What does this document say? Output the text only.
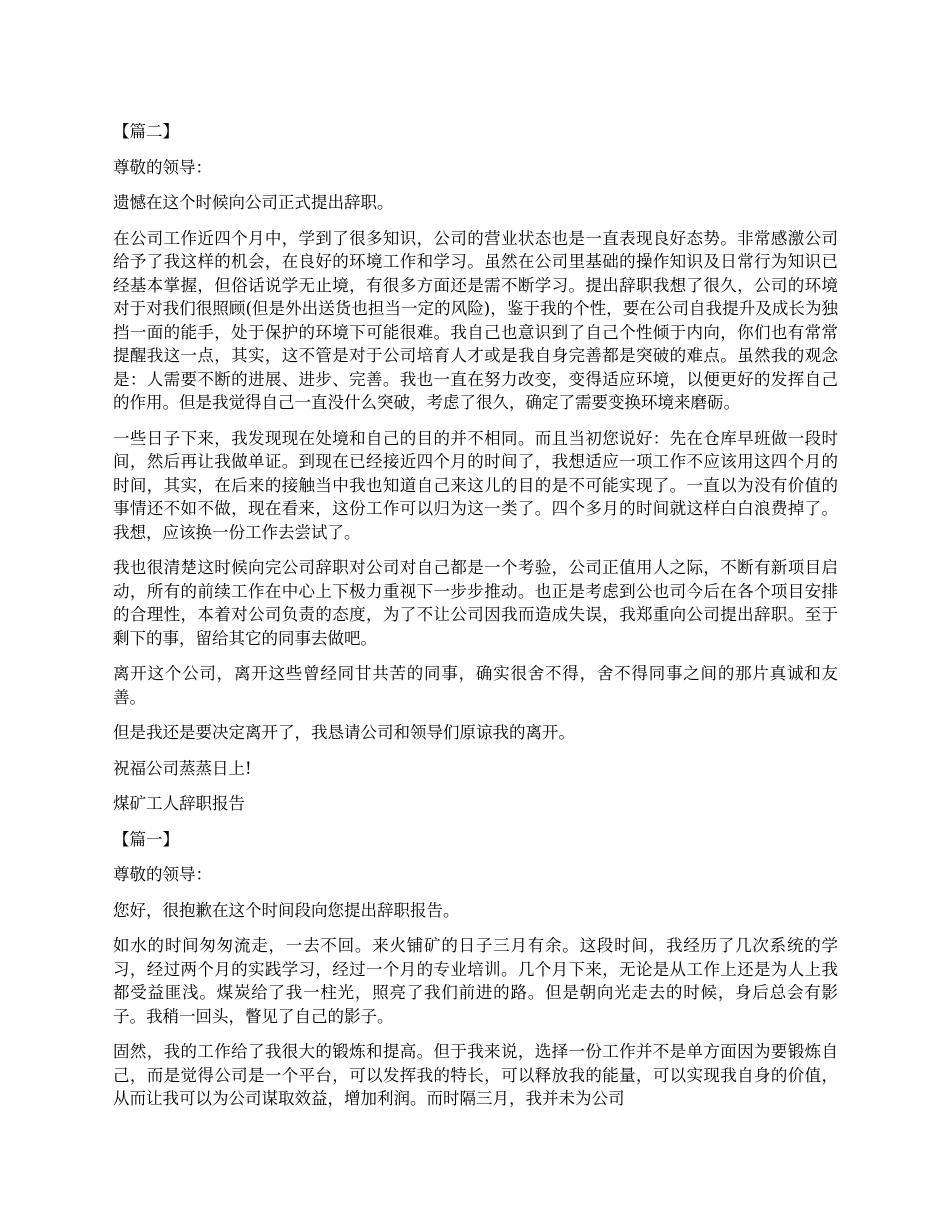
【篇二】

尊敬的领导：

遗憾在这个时候向公司正式提出辞职。

在公司工作近四个月中，学到了很多知识，公司的营业状态也是一直表现良好态势。非常感激公司给予了我这样的机会，在良好的环境工作和学习。虽然在公司里基础的操作知识及日常行为知识已经基本掌握，但俗话说学无止境，有很多方面还是需不断学习。提出辞职我想了很久，公司的环境对于对我们很照顾(但是外出送货也担当一定的风险)，鉴于我的个性，要在公司自我提升及成长为独挡一面的能手，处于保护的环境下可能很难。我自己也意识到了自己个性倾于内向，你们也有常常提醒我这一点，其实，这不管是对于公司培育人才或是我自身完善都是突破的难点。虽然我的观念是：人需要不断的进展、进步、完善。我也一直在努力改变，变得适应环境，以便更好的发挥自己的作用。但是我觉得自己一直没什么突破，考虑了很久，确定了需要变换环境来磨砺。

一些日子下来，我发现现在处境和自己的目的并不相同。而且当初您说好：先在仓库早班做一段时间，然后再让我做单证。到现在已经接近四个月的时间了，我想适应一项工作不应该用这四个月的时间，其实，在后来的接触当中我也知道自己来这儿的目的是不可能实现了。一直以为没有价值的事情还不如不做，现在看来，这份工作可以归为这一类了。四个多月的时间就这样白白浪费掉了。我想，应该换一份工作去尝试了。

我也很清楚这时候向完公司辞职对公司对自己都是一个考验，公司正值用人之际，不断有新项目启动，所有的前续工作在中心上下极力重视下一步步推动。也正是考虑到公也司今后在各个项目安排的合理性，本着对公司负责的态度，为了不让公司因我而造成失误，我郑重向公司提出辞职。至于剩下的事，留给其它的同事去做吧。

离开这个公司，离开这些曾经同甘共苦的同事，确实很舍不得，舍不得同事之间的那片真诚和友善。

但是我还是要决定离开了，我恳请公司和领导们原谅我的离开。

祝福公司蒸蒸日上!

煤矿工人辞职报告

【篇一】

尊敬的领导：

您好，很抱歉在这个时间段向您提出辞职报告。

如水的时间匆匆流走，一去不回。来火铺矿的日子三月有余。这段时间，我经历了几次系统的学习，经过两个月的实践学习，经过一个月的专业培训。几个月下来，无论是从工作上还是为人上我都受益匪浅。煤炭给了我一柱光，照亮了我们前进的路。但是朝向光走去的时候，身后总会有影子。我稍一回头，瞥见了自己的影子。

固然，我的工作给了我很大的锻炼和提高。但于我来说，选择一份工作并不是单方面因为要锻炼自己，而是觉得公司是一个平台，可以发挥我的特长，可以释放我的能量，可以实现我自身的价值，从而让我可以为公司谋取效益，增加利润。而时隔三月，我并未为公司
